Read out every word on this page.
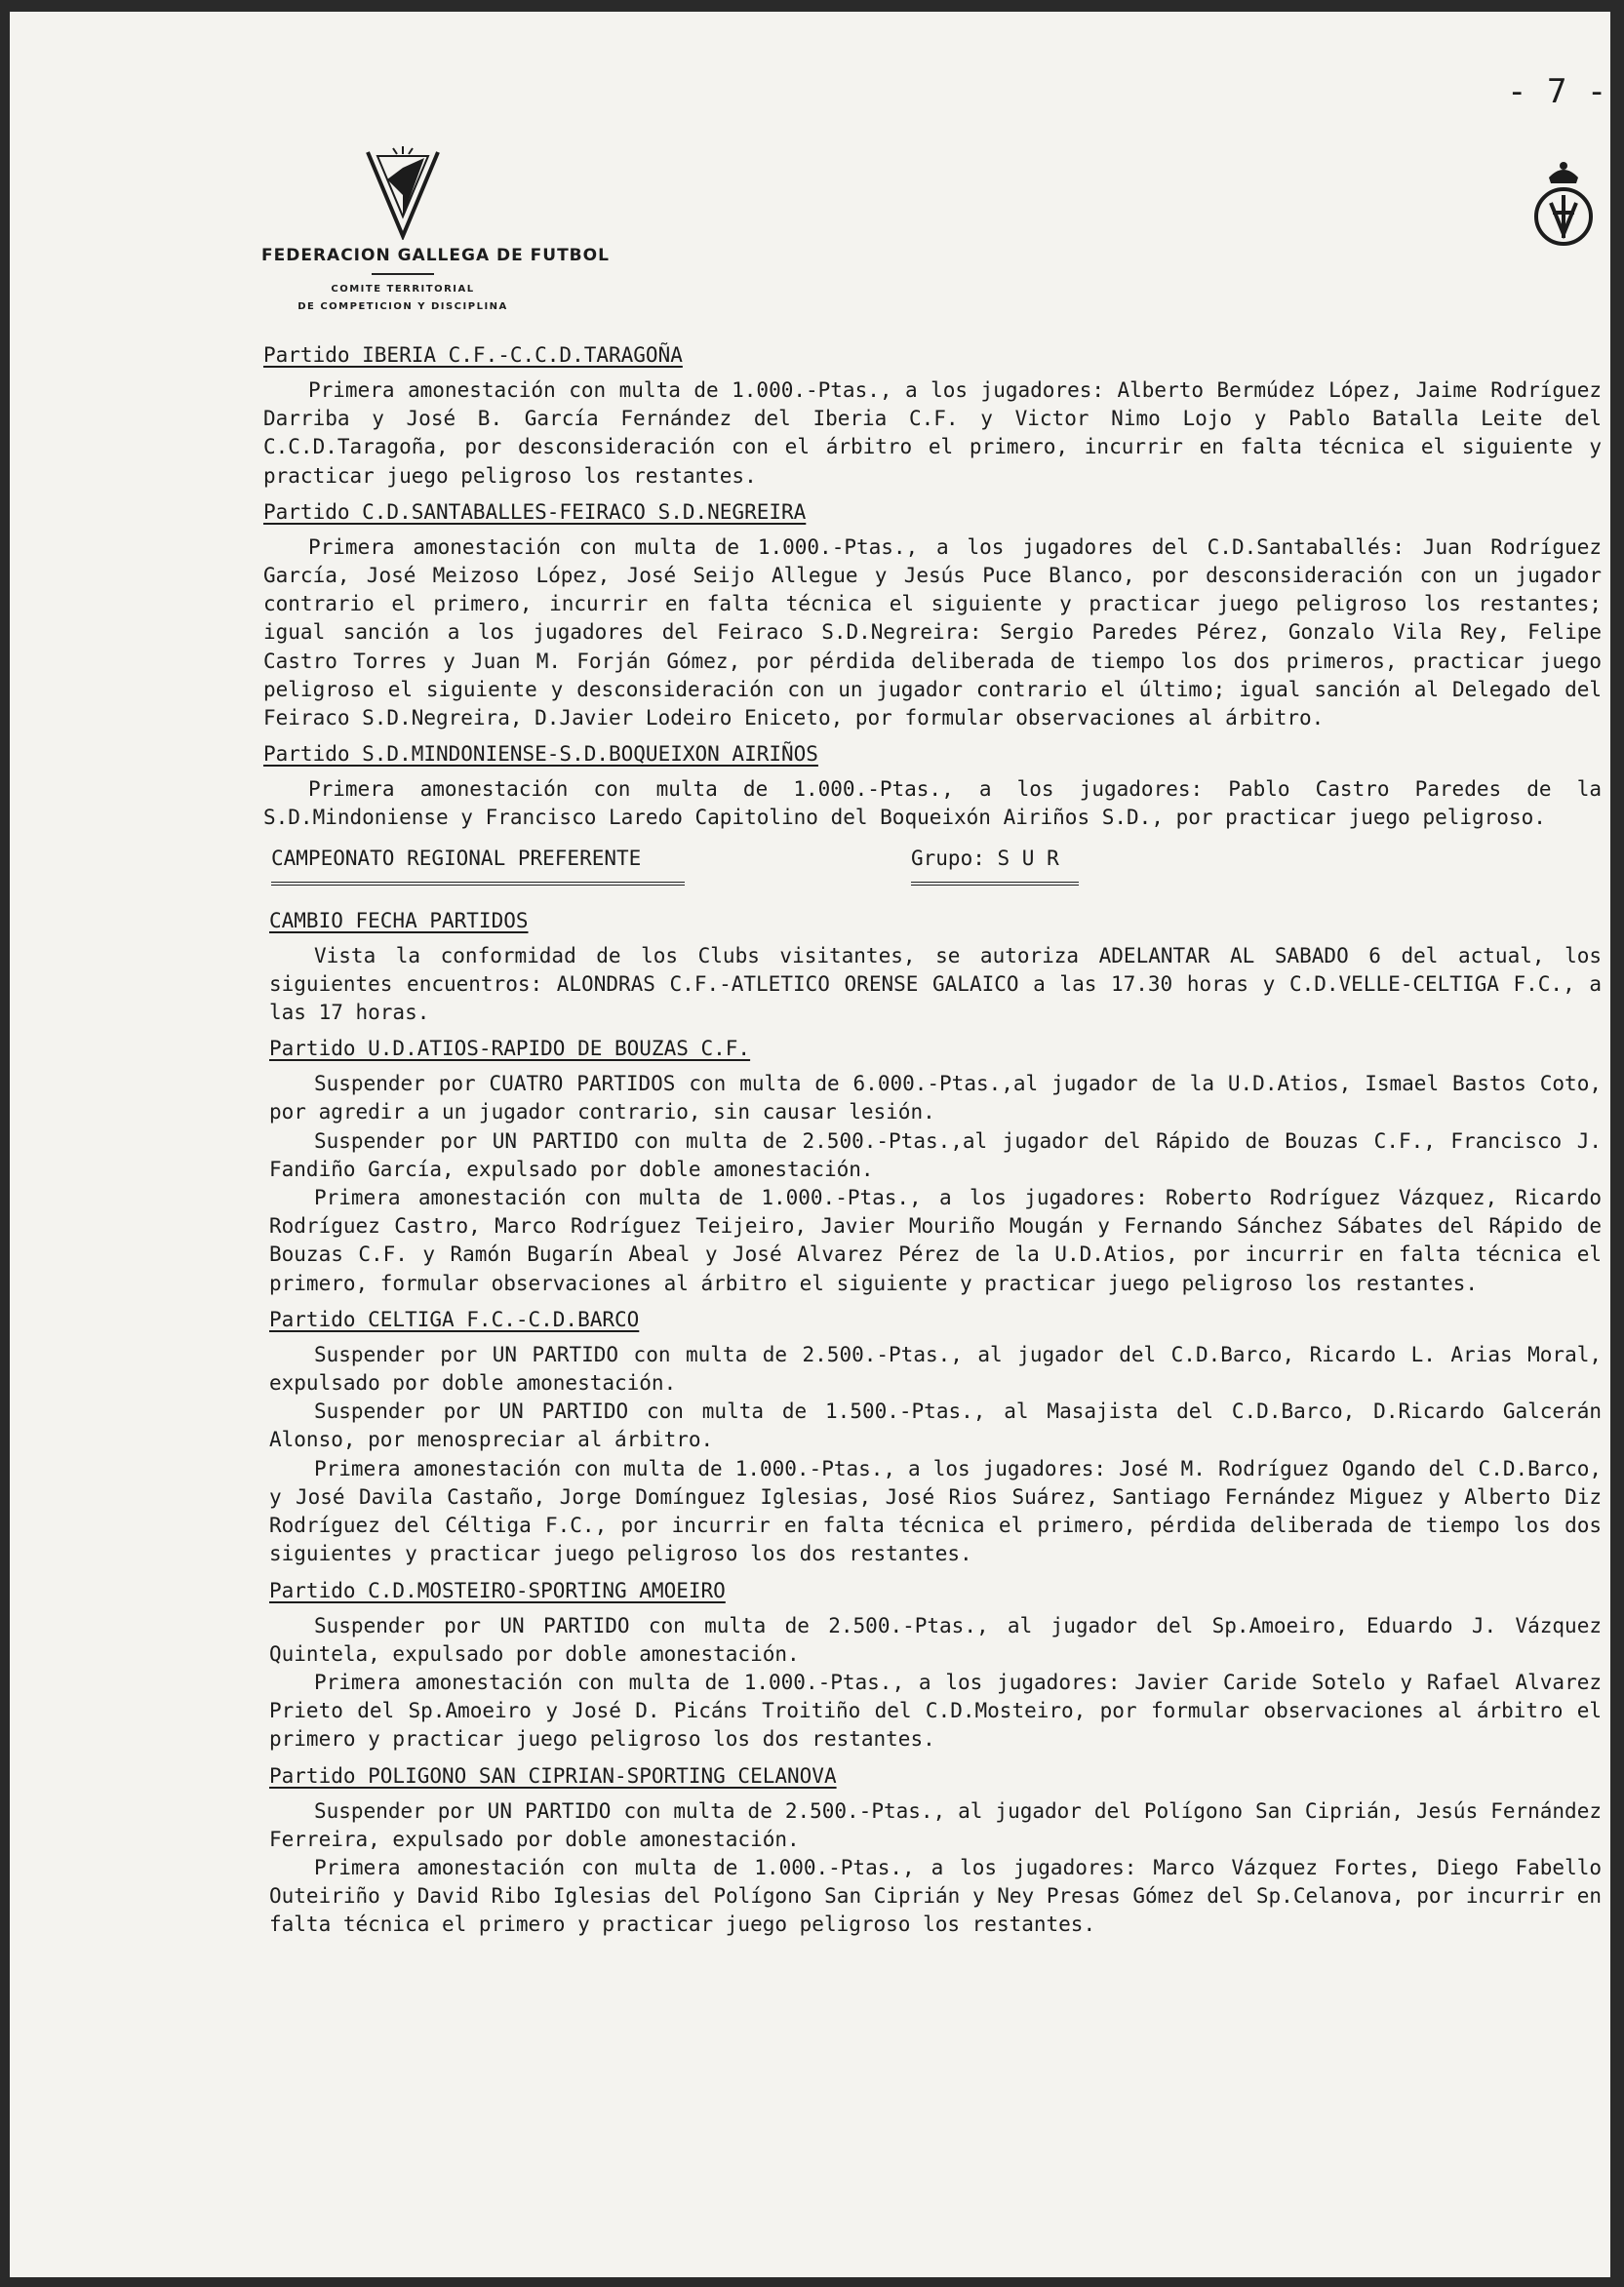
- 7 -
FEDERACION GALLEGA DE FUTBOL
COMITE TERRITORIAL
DE COMPETICION Y DISCIPLINA
Partido IBERIA C.F.-C.C.D.TARAGOÑA

Primera amonestación con multa de 1.000.-Ptas., a los jugadores: Alberto Bermúdez López, Jaime Rodríguez Darriba y José B. García Fernández del Iberia C.F. y Victor Nimo Lojo y Pablo Batalla Leite del C.C.D.Taragoña, por desconsideración con el árbitro el primero, incurrir en falta técnica el siguiente y practicar juego peligroso los restantes.

Partido C.D.SANTABALLES-FEIRACO S.D.NEGREIRA

Primera amonestación con multa de 1.000.-Ptas., a los jugadores del C.D.Santaballés: Juan Rodríguez García, José Meizoso López, José Seijo Allegue y Jesús Puce Blanco, por desconsideración con un jugador contrario el primero, incurrir en falta técnica el siguiente y practicar juego peligroso los restantes; igual sanción a los jugadores del Feiraco S.D.Negreira: Sergio Paredes Pérez, Gonzalo Vila Rey, Felipe Castro Torres y Juan M. Forján Gómez, por pérdida deliberada de tiempo los dos primeros, practicar juego peligroso el siguiente y desconsideración con un jugador contrario el último; igual sanción al Delegado del Feiraco S.D.Negreira, D.Javier Lodeiro Eniceto, por formular observaciones al árbitro.

Partido S.D.MINDONIENSE-S.D.BOQUEIXON AIRIÑOS

Primera amonestación con multa de 1.000.-Ptas., a los jugadores: Pablo Castro Paredes de la S.D.Mindoniense y Francisco Laredo Capitolino del Boqueixón Airiños S.D., por practicar juego peligroso.

CAMPEONATO REGIONAL PREFERENTE	Grupo: S U R
CAMBIO FECHA PARTIDOS

Vista la conformidad de los Clubs visitantes, se autoriza ADELANTAR AL SABADO 6 del actual, los siguientes encuentros: ALONDRAS C.F.-ATLETICO ORENSE GALAICO a las 17.30 horas y C.D.VELLE-CELTIGA F.C., a las 17 horas.

Partido U.D.ATIOS-RAPIDO DE BOUZAS C.F.

Suspender por CUATRO PARTIDOS con multa de 6.000.-Ptas.,al jugador de la U.D.Atios, Ismael Bastos Coto, por agredir a un jugador contrario, sin causar lesión.

Suspender por UN PARTIDO con multa de 2.500.-Ptas.,al jugador del Rápido de Bouzas C.F., Francisco J. Fandiño García, expulsado por doble amonestación.

Primera amonestación con multa de 1.000.-Ptas., a los jugadores: Roberto Rodríguez Vázquez, Ricardo Rodríguez Castro, Marco Rodríguez Teijeiro, Javier Mouriño Mougán y Fernando Sánchez Sábates del Rápido de Bouzas C.F. y Ramón Bugarín Abeal y José Alvarez Pérez de la U.D.Atios, por incurrir en falta técnica el primero, formular observaciones al árbitro el siguiente y practicar juego peligroso los restantes.

Partido CELTIGA F.C.-C.D.BARCO

Suspender por UN PARTIDO con multa de 2.500.-Ptas., al jugador del C.D.Barco, Ricardo L. Arias Moral, expulsado por doble amonestación.

Suspender por UN PARTIDO con multa de 1.500.-Ptas., al Masajista del C.D.Barco, D.Ricardo Galcerán Alonso, por menospreciar al árbitro.

Primera amonestación con multa de 1.000.-Ptas., a los jugadores: José M. Rodríguez Ogando del C.D.Barco, y José Davila Castaño, Jorge Domínguez Iglesias, José Rios Suárez, Santiago Fernández Miguez y Alberto Diz Rodríguez del Céltiga F.C., por incurrir en falta técnica el primero, pérdida deliberada de tiempo los dos siguientes y practicar juego peligroso los dos restantes.

Partido C.D.MOSTEIRO-SPORTING AMOEIRO

Suspender por UN PARTIDO con multa de 2.500.-Ptas., al jugador del Sp.Amoeiro, Eduardo J. Vázquez Quintela, expulsado por doble amonestación.

Primera amonestación con multa de 1.000.-Ptas., a los jugadores: Javier Caride Sotelo y Rafael Alvarez Prieto del Sp.Amoeiro y José D. Picáns Troitiño del C.D.Mosteiro, por formular observaciones al árbitro el primero y practicar juego peligroso los dos restantes.

Partido POLIGONO SAN CIPRIAN-SPORTING CELANOVA

Suspender por UN PARTIDO con multa de 2.500.-Ptas., al jugador del Polígono San Ciprián, Jesús Fernández Ferreira, expulsado por doble amonestación.

Primera amonestación con multa de 1.000.-Ptas., a los jugadores: Marco Vázquez Fortes, Diego Fabello Outeiriño y David Ribo Iglesias del Polígono San Ciprián y Ney Presas Gómez del Sp.Celanova, por incurrir en falta técnica el primero y practicar juego peligroso los restantes.
